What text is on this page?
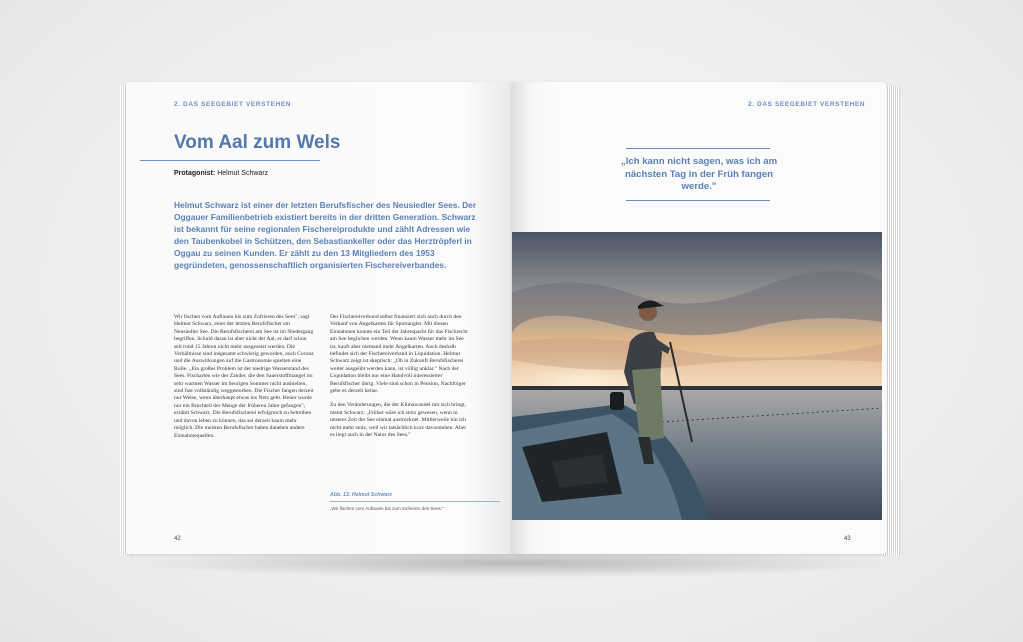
2. DAS SEEGEBIET VERSTEHEN
Vom Aal zum Wels
Protagonist: Helmut Schwarz
Helmut Schwarz ist einer der letzten Berufsfischer des Neusiedler Sees. Der Oggauer Familienbetrieb existiert bereits in der dritten Generation. Schwarz ist bekannt für seine regionalen Fischereiprodukte und zählt Adressen wie den Taubenkobel in Schützen, den Sebastiankeller oder das Herztröpferl in Oggau zu seinen Kunden. Er zählt zu den 13 Mitgliedern des 1953 gegründeten, genossenschaftlich organisierten Fischereiverbandes.

Wir fischen vom Auftauen bis zum Zufrieren des Sees", sagt Helmut Schwarz, einer der letzten Berufsfischer am Neusiedler See. Die Berufsfischerei am See ist im Niedergang begriffen. Schuld daran ist aber nicht der Aal, er darf schon seit rund 15 Jahren nicht mehr ausgesetzt werden. Die Verhältnisse sind insgesamt schwierig geworden, auch Corona und die Auswirkungen auf die Gastronomie spielten eine Rolle. „Ein großes Problem ist der niedrige Wasserstand des Sees. Fischarten wie der Zander, die den Sauerstoffmangel im sehr warmen Wasser im heurigen Sommer nicht aushielten, sind fast vollständig weggestorben. Die Fischer fangen derzeit nur Welse, wenn überhaupt etwas ins Netz geht. Heuer wurde nur ein Bruchteil der Menge der früheren Jahre gefangen", erzählt Schwarz. Die Berufsfischerei erfolgreich zu betreiben und davon leben zu können, das sei derzeit kaum mehr möglich. Die meisten Berufsfischer haben daneben andere Einnahmequellen.

Der Fischereiverbund selbst finanziert sich auch durch den Verkauf von Angelkarten für Sportangler. Mit diesen Einnahmen konnte ein Teil der Jahrespacht für das Fischrecht am See beglichen werden. Wenn kaum Wasser mehr im See ist, kauft aber niemand mehr Angelkarten. Auch deshalb befindet sich der Fischereiverband in Liquidation. Helmut Schwarz zeigt ist skeptisch: „Ob in Zukunft Berufsfischerei weiter ausgeübt werden kann, ist völlig unklar." Nach der Liquidation bleibt nur eine Handvoll interessierter Berufsfischer übrig. Viele sind schon in Pension, Nachfolger gebe es derzeit keine.

Zu den Veränderungen, die der Klimawandel mit sich bringt, meint Schwarz: „Früher wäre ich stolz gewesen, wenn in unserer Zeit der See einmal austrocknet. Mittlerweile bin ich nicht mehr stolz, weil wir tatsächlich kurz davorstehen. Aber es liegt auch in der Natur des Sees."

Abb. 13: Helmut Schwarz
„Wir fischen vom Auftauen bis zum Zufrieren des Sees."
42
2. DAS SEEGEBIET VERSTEHEN
„Ich kann nicht sagen, was ich am nächsten Tag in der Früh fangen werde."
43
